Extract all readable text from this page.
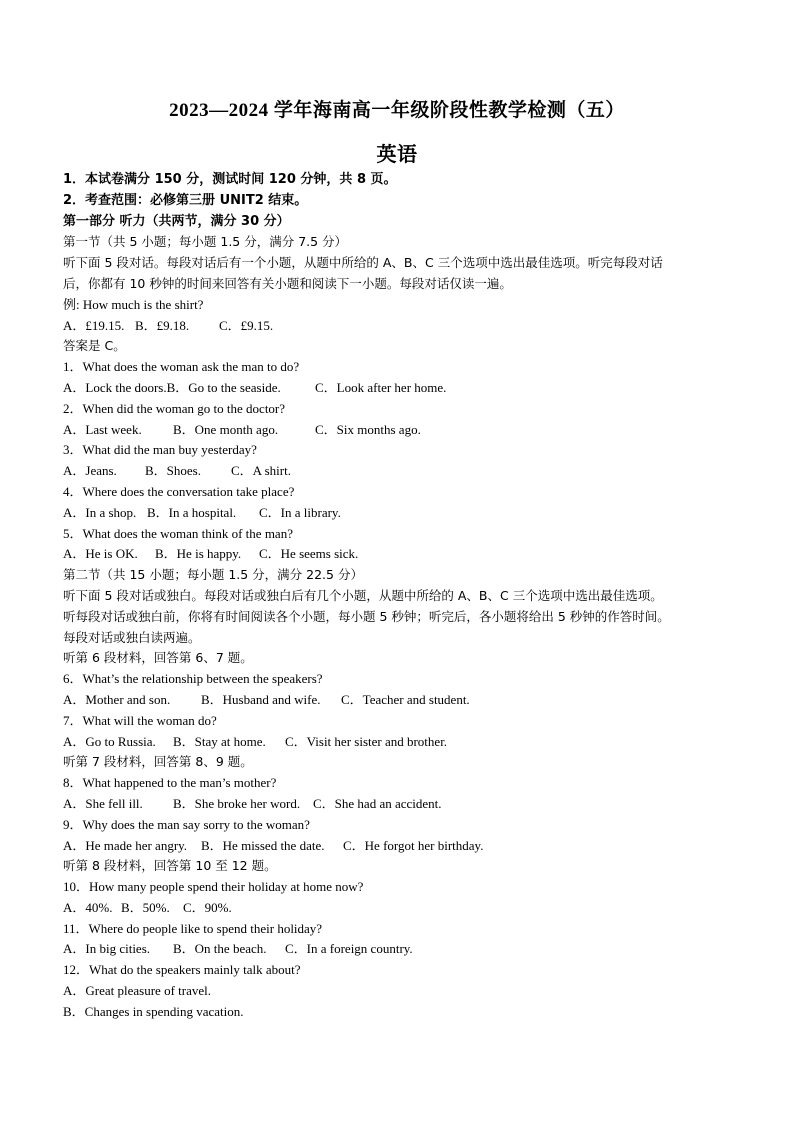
2023—2024 学年海南高一年级阶段性教学检测（五）
英语
1．本试卷满分 150 分，测试时间 120 分钟，共 8 页。
2．考查范围：必修第三册 UNIT2 结束。
第一部分 听力（共两节，满分 30 分）
第一节（共 5 小题；每小题 1.5 分，满分 7.5 分）
听下面 5 段对话。每段对话后有一个小题，从题中所给的 A、B、C 三个选项中选出最佳选项。听完每段对话
后，你都有 10 秒钟的时间来回答有关小题和阅读下一小题。每段对话仅读一遍。
例: How much is the shirt?
A．£19.15. B．£9.18. C．£9.15.
答案是 C。
1．What does the woman ask the man to do?
A．Lock the doors.B．Go to the seaside.	C．Look after her home.
2．When did the woman go to the doctor?
A．Last week. B．One month ago.	C．Six months ago.
3．What did the man buy yesterday?
A．Jeans. B．Shoes. C．A shirt.
4．Where does the conversation take place?
A．In a shop. B．In a hospital. C．In a library.
5．What does the woman think of the man?
A．He is OK. B．He is happy. C．He seems sick.
第二节（共 15 小题；每小题 1.5 分，满分 22.5 分）
听下面 5 段对话或独白。每段对话或独白后有几个小题，从题中所给的 A、B、C 三个选项中选出最佳选项。
听每段对话或独白前，你将有时间阅读各个小题，每小题 5 秒钟；听完后，各小题将给出 5 秒钟的作答时间。
每段对话或独白读两遍。
听第 6 段材料，回答第 6、7 题。
6．What’s the relationship between the speakers?
A．Mother and son. B．Husband and wife. C．Teacher and student.
7．What will the woman do?
A．Go to Russia. B．Stay at home. C．Visit her sister and brother.
听第 7 段材料，回答第 8、9 题。
8．What happened to the man’s mother?
A．She fell ill. B．She broke her word. C．She had an accident.
9．Why does the man say sorry to the woman?
A．He made her angry. B．He missed the date. C．He forgot her birthday.
听第 8 段材料，回答第 10 至 12 题。
10．How many people spend their holiday at home now?
A．40%. B．50%. C．90%.
11．Where do people like to spend their holiday?
A．In big cities. B．On the beach. C．In a foreign country.
12．What do the speakers mainly talk about?
A．Great pleasure of travel.
B．Changes in spending vacation.
